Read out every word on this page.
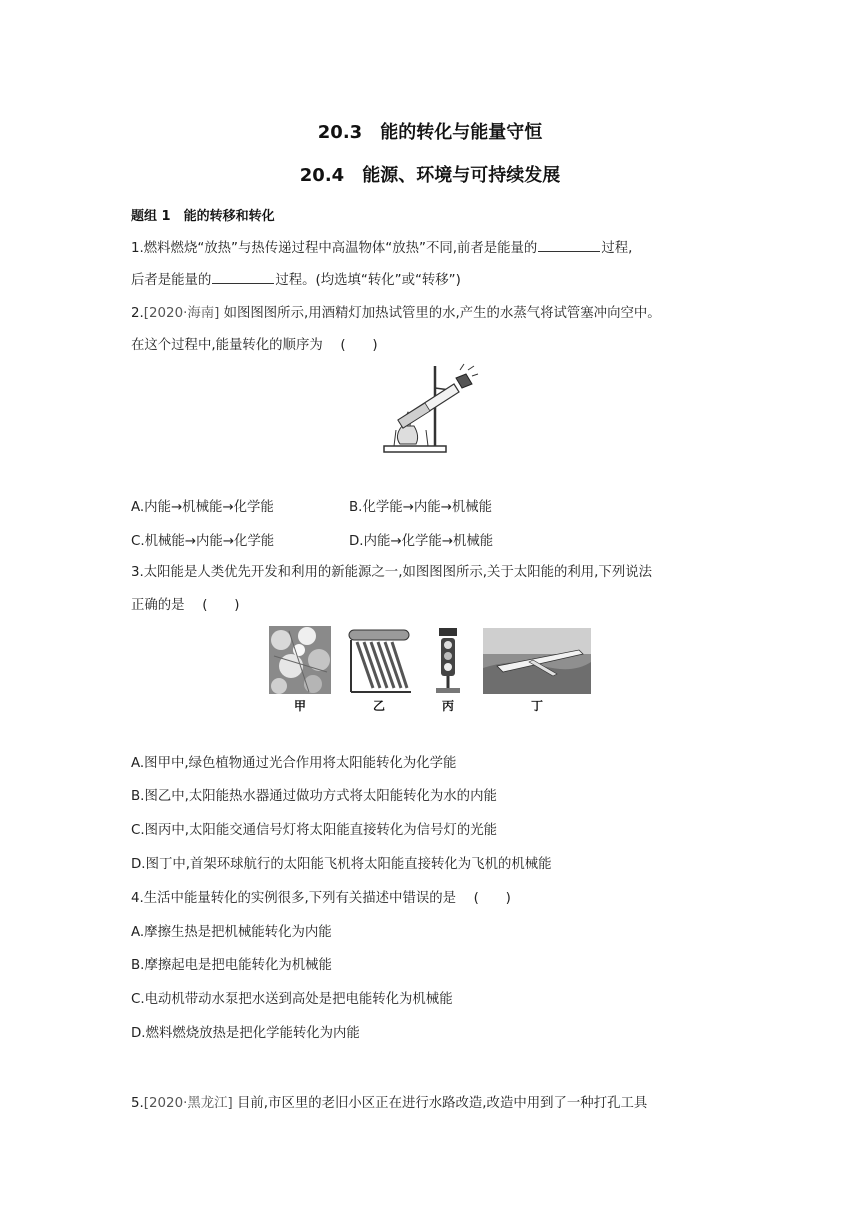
20.3　能的转化与能量守恒
20.4　能源、环境与可持续发展
题组 1　能的转移和转化
1.燃料燃烧“放热”与热传递过程中高温物体“放热”不同,前者是能量的	过程,
后者是能量的	过程。(均选填“转化”或“转移”)
2.[2020·海南] 如图图图所示,用酒精灯加热试管里的水,产生的水蒸气将试管塞冲向空中。
在这个过程中,能量转化的顺序为　 (　　)
A.内能→机械能→化学能	B.化学能→内能→机械能
C.机械能→内能→化学能	D.内能→化学能→机械能
3.太阳能是人类优先开发和利用的新能源之一,如图图图所示,关于太阳能的利用,下列说法
正确的是　 (　　)
甲	乙	丙	丁
A.图甲中,绿色植物通过光合作用将太阳能转化为化学能
B.图乙中,太阳能热水器通过做功方式将太阳能转化为水的内能
C.图丙中,太阳能交通信号灯将太阳能直接转化为信号灯的光能
D.图丁中,首架环球航行的太阳能飞机将太阳能直接转化为飞机的机械能
4.生活中能量转化的实例很多,下列有关描述中错误的是　 (　　)
A.摩擦生热是把机械能转化为内能
B.摩擦起电是把电能转化为机械能
C.电动机带动水泵把水送到高处是把电能转化为机械能
D.燃料燃烧放热是把化学能转化为内能
5.[2020·黑龙江] 目前,市区里的老旧小区正在进行水路改造,改造中用到了一种打孔工具
